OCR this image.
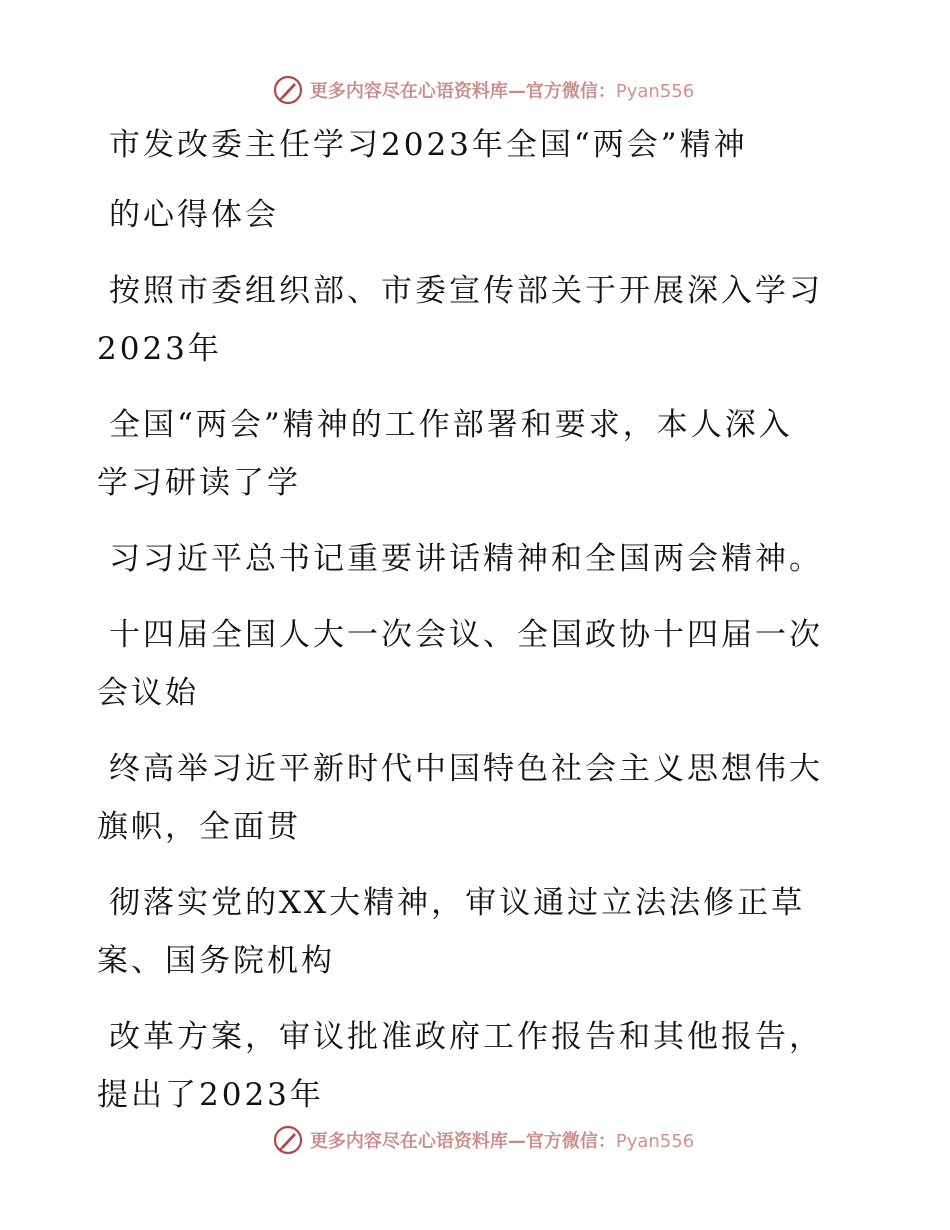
更多内容尽在心语资料库—官方微信：Pyan556
市发改委主任学习2023年全国“两会”精神
的心得体会
按照市委组织部、市委宣传部关于开展深入学习
2023年
全国“两会”精神的工作部署和要求，本人深入
学习研读了学
习习近平总书记重要讲话精神和全国两会精神。
十四届全国人大一次会议、全国政协十四届一次
会议始
终高举习近平新时代中国特色社会主义思想伟大
旗帜，全面贯
彻落实党的XX大精神，审议通过立法法修正草
案、国务院机构
改革方案，审议批准政府工作报告和其他报告，
提出了2023年
更多内容尽在心语资料库—官方微信：Pyan556
